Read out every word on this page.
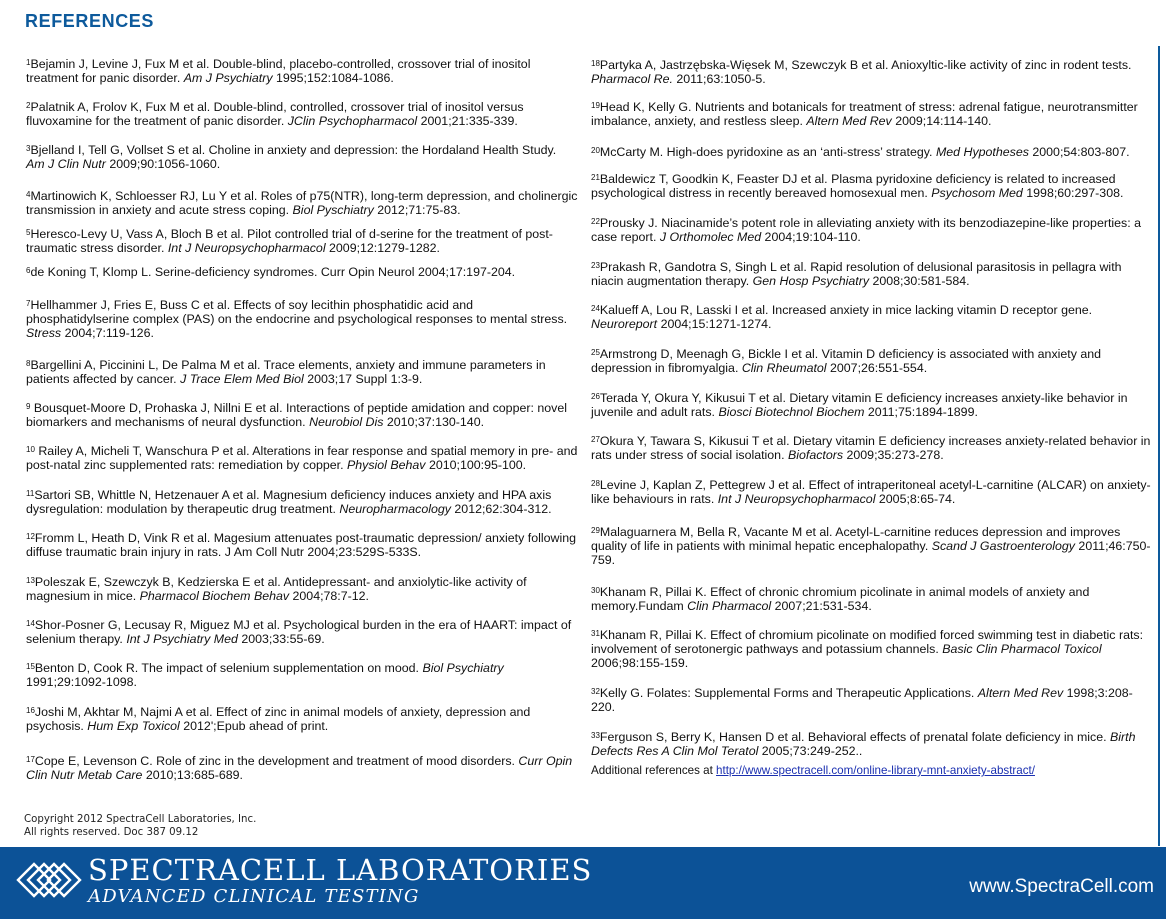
REFERENCES
$^1$Bejamin J, Levine J, Fux M et al. Double-blind, placebo-controlled, crossover trial of inositol treatment for panic disorder. Am J Psychiatry 1995;152:1084-1086.
$^2$Palatnik A, Frolov K, Fux M et al. Double-blind, controlled, crossover trial of inositol versus fluvoxamine for the treatment of panic disorder. JClin Psychopharmacol 2001;21:335-339.
$^3$Bjelland I, Tell G, Vollset S et al. Choline in anxiety and depression: the Hordaland Health Study. Am J Clin Nutr 2009;90:1056-1060.
$^4$Martinowich K, Schloesser RJ, Lu Y et al. Roles of p75(NTR), long-term depression, and cholinergic transmission in anxiety and acute stress coping. Biol Pyschiatry 2012;71:75-83.
$^5$Heresco-Levy U, Vass A, Bloch B et al. Pilot controlled trial of d-serine for the treatment of post-traumatic stress disorder. Int J Neuropsychopharmacol 2009;12:1279-1282.
$^6$de Koning T, Klomp L. Serine-deficiency syndromes. Curr Opin Neurol 2004;17:197-204.
$^7$Hellhammer J, Fries E, Buss C et al. Effects of soy lecithin phosphatidic acid and phosphatidylserine complex (PAS) on the endocrine and psychological responses to mental stress. Stress 2004;7:119-126.
$^8$Bargellini A, Piccinini L, De Palma M et al. Trace elements, anxiety and immune parameters in patients affected by cancer. J Trace Elem Med Biol 2003;17 Suppl 1:3-9.
$^9$ Bousquet-Moore D, Prohaska J, Nillni E et al. Interactions of peptide amidation and copper: novel biomarkers and mechanisms of neural dysfunction. Neurobiol Dis 2010;37:130-140.
$^{10}$ Railey A, Micheli T, Wanschura P et al. Alterations in fear response and spatial memory in pre- and post-natal zinc supplemented rats: remediation by copper. Physiol Behav 2010;100:95-100.
$^{11}$Sartori SB, Whittle N, Hetzenauer A et al. Magnesium deficiency induces anxiety and HPA axis dysregulation: modulation by therapeutic drug treatment. Neuropharmacology 2012;62:304-312.
$^{12}$Fromm L, Heath D, Vink R et al. Magesium attenuates post-traumatic depression/ anxiety following diffuse traumatic brain injury in rats. J Am Coll Nutr 2004;23:529S-533S.
$^{13}$Poleszak E, Szewczyk B, Kedzierska E et al. Antidepressant- and anxiolytic-like activity of magnesium in mice. Pharmacol Biochem Behav 2004;78:7-12.
$^{14}$Shor-Posner G, Lecusay R, Miguez MJ et al. Psychological burden in the era of HAART: impact of selenium therapy. Int J Psychiatry Med 2003;33:55-69.
$^{15}$Benton D, Cook R. The impact of selenium supplementation on mood. Biol Psychiatry 1991;29:1092-1098.
$^{16}$Joshi M, Akhtar M, Najmi A et al. Effect of zinc in animal models of anxiety, depression and psychosis. Hum Exp Toxicol 2012';Epub ahead of print.
$^{17}$Cope E, Levenson C. Role of zinc in the development and treatment of mood disorders. Curr Opin Clin Nutr Metab Care 2010;13:685-689.
$^{18}$Partyka A, Jastrzębska-Więsek M, Szewczyk B et al. Anioxyltic-like activity of zinc in rodent tests. Pharmacol Re. 2011;63:1050-5.
$^{19}$Head K, Kelly G. Nutrients and botanicals for treatment of stress: adrenal fatigue, neurotransmitter imbalance, anxiety, and restless sleep. Altern Med Rev 2009;14:114-140.
$^{20}$McCarty M. High-does pyridoxine as an ‘anti-stress’ strategy. Med Hypotheses 2000;54:803-807.
$^{21}$Baldewicz T, Goodkin K, Feaster DJ et al. Plasma pyridoxine deficiency is related to increased psychological distress in recently bereaved homosexual men. Psychosom Med 1998;60:297-308.
$^{22}$Prousky J. Niacinamide’s potent role in alleviating anxiety with its benzodiazepine-like properties: a case report. J Orthomolec Med 2004;19:104-110.
$^{23}$Prakash R, Gandotra S, Singh L et al. Rapid resolution of delusional parasitosis in pellagra with niacin augmentation therapy. Gen Hosp Psychiatry 2008;30:581-584.
$^{24}$Kalueff A, Lou R, Lasski I et al. Increased anxiety in mice lacking vitamin D receptor gene. Neuroreport 2004;15:1271-1274.
$^{25}$Armstrong D, Meenagh G, Bickle I et al. Vitamin D deficiency is associated with anxiety and depression in fibromyalgia. Clin Rheumatol 2007;26:551-554.
$^{26}$Terada Y, Okura Y, Kikusui T et al. Dietary vitamin E deficiency increases anxiety-like behavior in juvenile and adult rats. Biosci Biotechnol Biochem 2011;75:1894-1899.
$^{27}$Okura Y, Tawara S, Kikusui T et al. Dietary vitamin E deficiency increases anxiety-related behavior in rats under stress of social isolation. Biofactors 2009;35:273-278.
$^{28}$Levine J, Kaplan Z, Pettegrew J et al. Effect of intraperitoneal acetyl-L-carnitine (ALCAR) on anxiety-like behaviours in rats. Int J Neuropsychopharmacol 2005;8:65-74.
$^{29}$Malaguarnera M, Bella R, Vacante M et al. Acetyl-L-carnitine reduces depression and improves quality of life in patients with minimal hepatic encephalopathy. Scand J Gastroenterology 2011;46:750-759.
$^{30}$Khanam R, Pillai K. Effect of chronic chromium picolinate in animal models of anxiety and memory.Fundam Clin Pharmacol 2007;21:531-534.
$^{31}$Khanam R, Pillai K. Effect of chromium picolinate on modified forced swimming test in diabetic rats: involvement of serotonergic pathways and potassium channels. Basic Clin Pharmacol Toxicol 2006;98:155-159.
$^{32}$Kelly G. Folates: Supplemental Forms and Therapeutic Applications. Altern Med Rev 1998;3:208-220.
$^{33}$Ferguson S, Berry K, Hansen D et al. Behavioral effects of prenatal folate deficiency in mice. Birth Defects Res A Clin Mol Teratol 2005;73:249-252..
Additional references at http://www.spectracell.com/online-library-mnt-anxiety-abstract/
Copyright 2012 SpectraCell Laboratories, Inc.
All rights reserved. Doc 387 09.12
SPECTRACELL LABORATORIES
ADVANCED CLINICAL TESTING	www.SpectraCell.com
